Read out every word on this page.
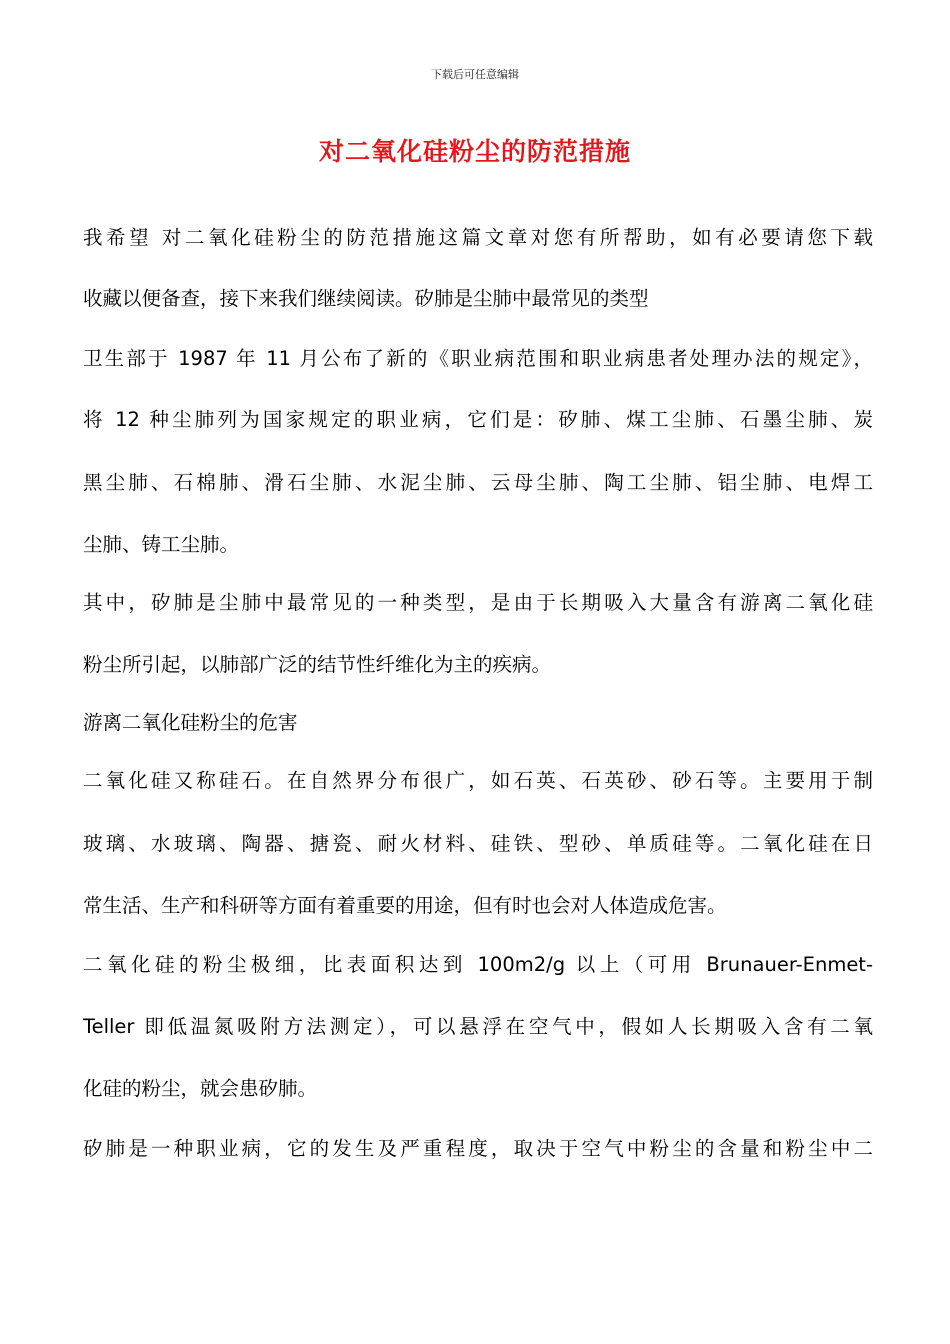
下载后可任意编辑
对二氧化硅粉尘的防范措施
我希望 对二氧化硅粉尘的防范措施这篇文章对您有所帮助，如有必要请您下载
收藏以便备查，接下来我们继续阅读。矽肺是尘肺中最常见的类型
卫生部于 1987 年 11 月公布了新的《职业病范围和职业病患者处理办法的规定》，
将 12 种尘肺列为国家规定的职业病，它们是：矽肺、煤工尘肺、石墨尘肺、炭
黑尘肺、石棉肺、滑石尘肺、水泥尘肺、云母尘肺、陶工尘肺、铝尘肺、电焊工
尘肺、铸工尘肺。
其中，矽肺是尘肺中最常见的一种类型，是由于长期吸入大量含有游离二氧化硅
粉尘所引起，以肺部广泛的结节性纤维化为主的疾病。
游离二氧化硅粉尘的危害
二氧化硅又称硅石。在自然界分布很广，如石英、石英砂、砂石等。主要用于制
玻璃、水玻璃、陶器、搪瓷、耐火材料、硅铁、型砂、单质硅等。二氧化硅在日
常生活、生产和科研等方面有着重要的用途，但有时也会对人体造成危害。
二氧化硅的粉尘极细，比表面积达到 100m2/g 以上（可用 Brunauer-Enmet-
Teller 即低温氮吸附方法测定），可以悬浮在空气中，假如人长期吸入含有二氧
化硅的粉尘，就会患矽肺。
矽肺是一种职业病，它的发生及严重程度，取决于空气中粉尘的含量和粉尘中二
